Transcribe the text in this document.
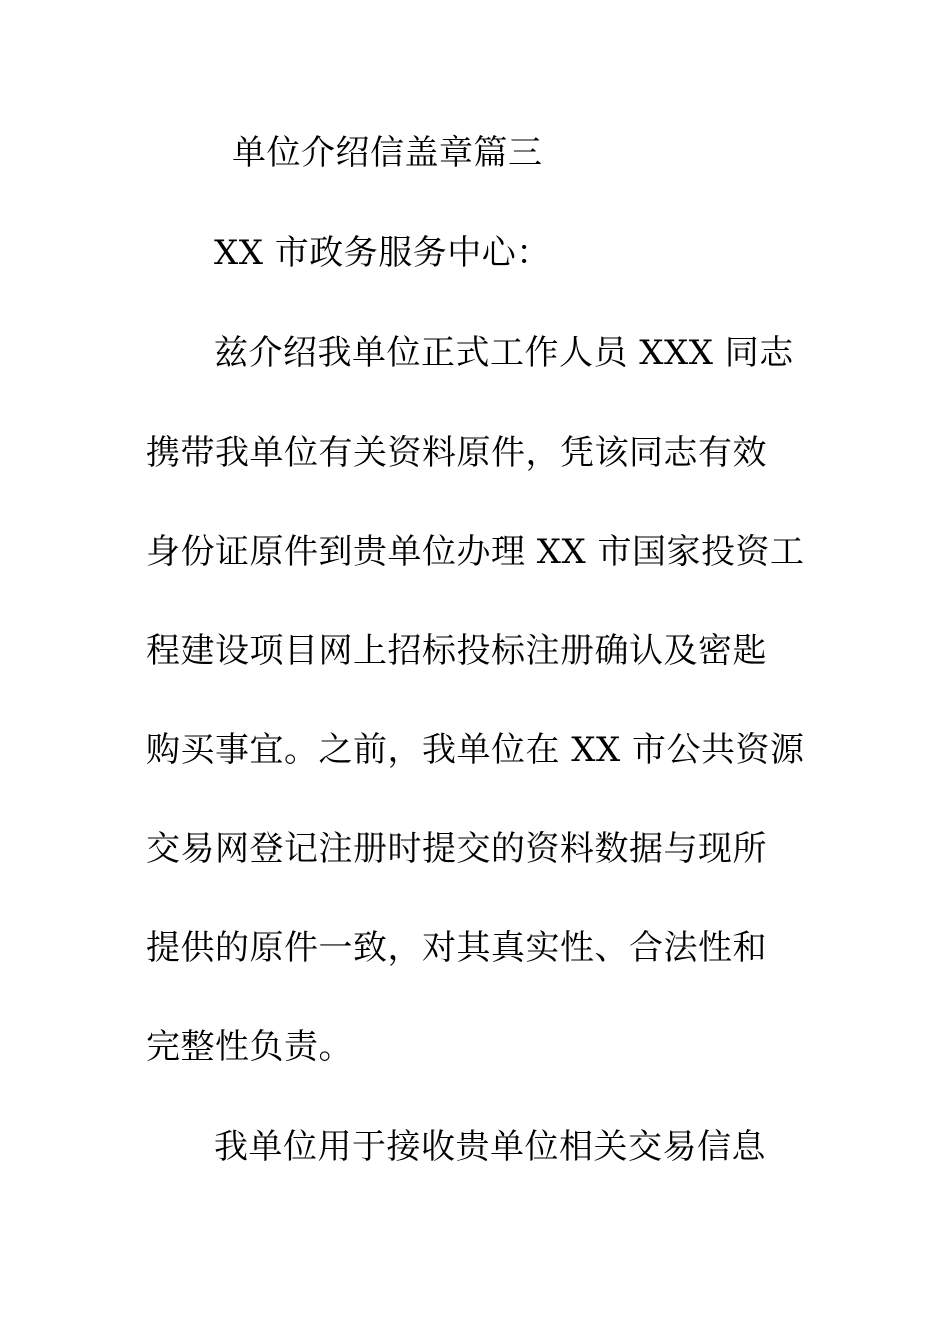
单位介绍信盖章篇三
XX 市政务服务中心：
兹介绍我单位正式工作人员 XXX 同志
携带我单位有关资料原件，凭该同志有效
身份证原件到贵单位办理 XX 市国家投资工
程建设项目网上招标投标注册确认及密匙
购买事宜。之前，我单位在 XX 市公共资源
交易网登记注册时提交的资料数据与现所
提供的原件一致，对其真实性、合法性和
完整性负责。
我单位用于接收贵单位相关交易信息
